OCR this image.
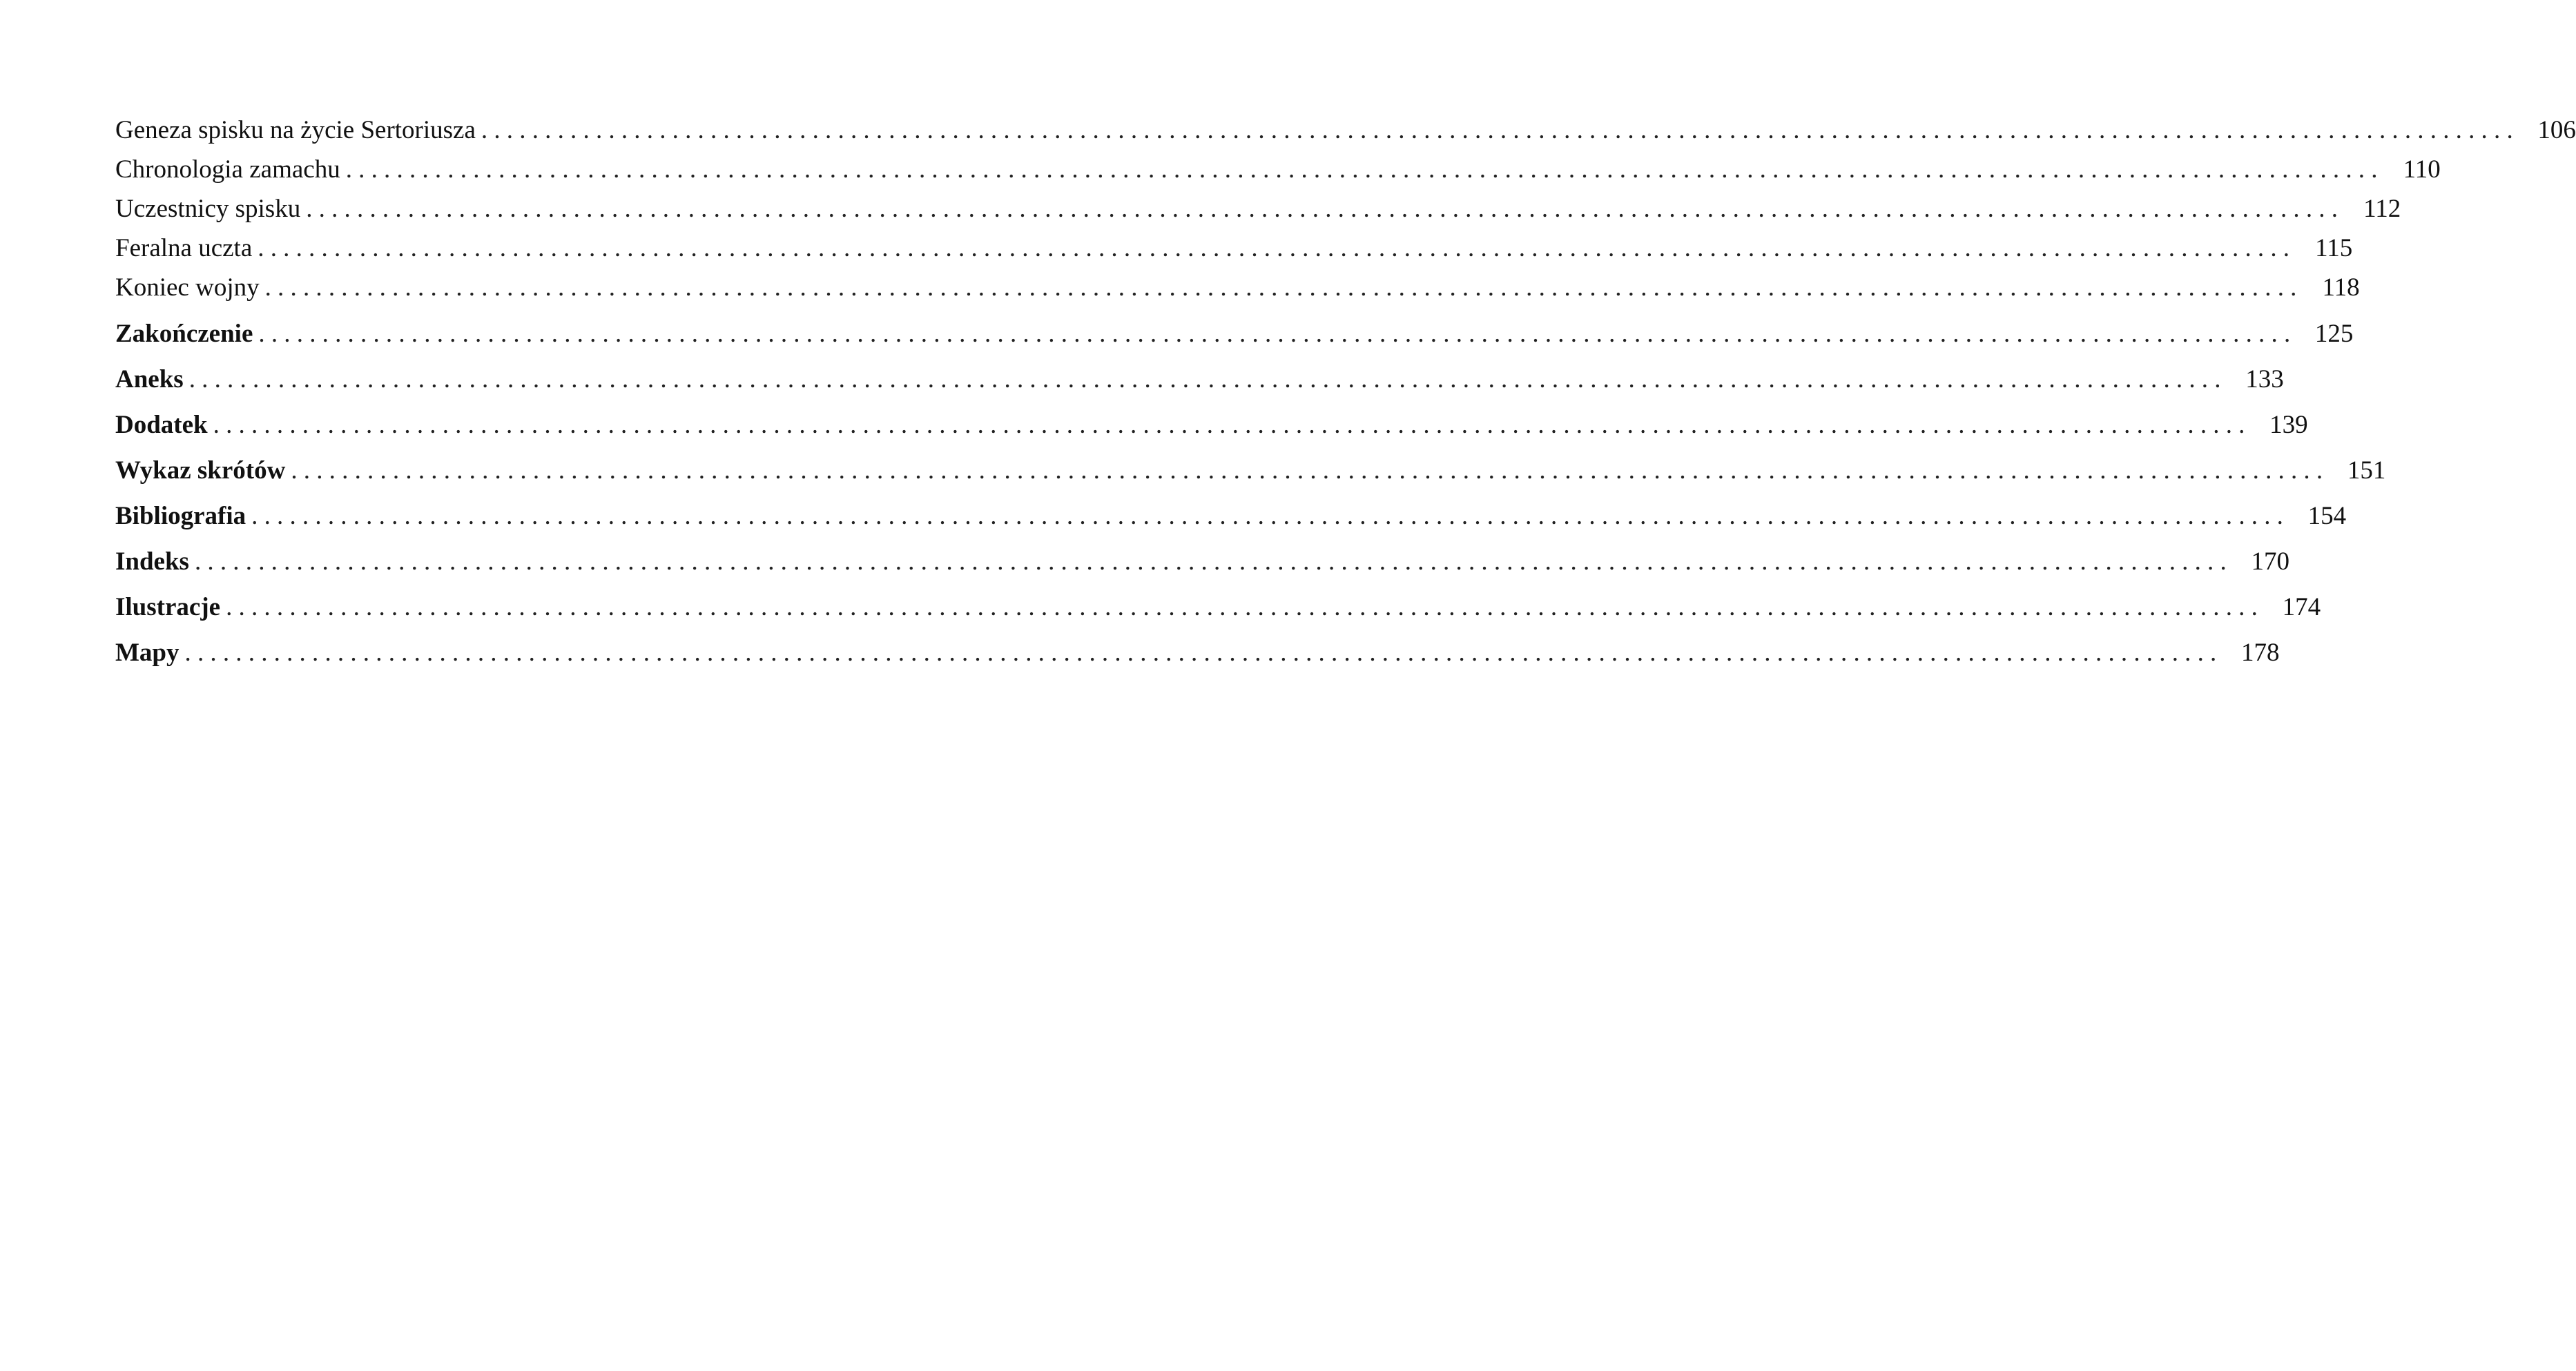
Geneza spisku na życie Sertoriusza ................................................................................................................................................................ 106
Chronologia zamachu ................................................................................................................................................................ 110
Uczestnicy spisku ................................................................................................................................................................ 112
Feralna uczta ................................................................................................................................................................ 115
Koniec wojny ................................................................................................................................................................ 118
Zakończenie ................................................................................................................................................................ 125
Aneks ................................................................................................................................................................ 133
Dodatek ................................................................................................................................................................ 139
Wykaz skrótów ................................................................................................................................................................ 151
Bibliografia ................................................................................................................................................................ 154
Indeks ................................................................................................................................................................ 170
Ilustracje ................................................................................................................................................................ 174
Mapy ................................................................................................................................................................ 178
